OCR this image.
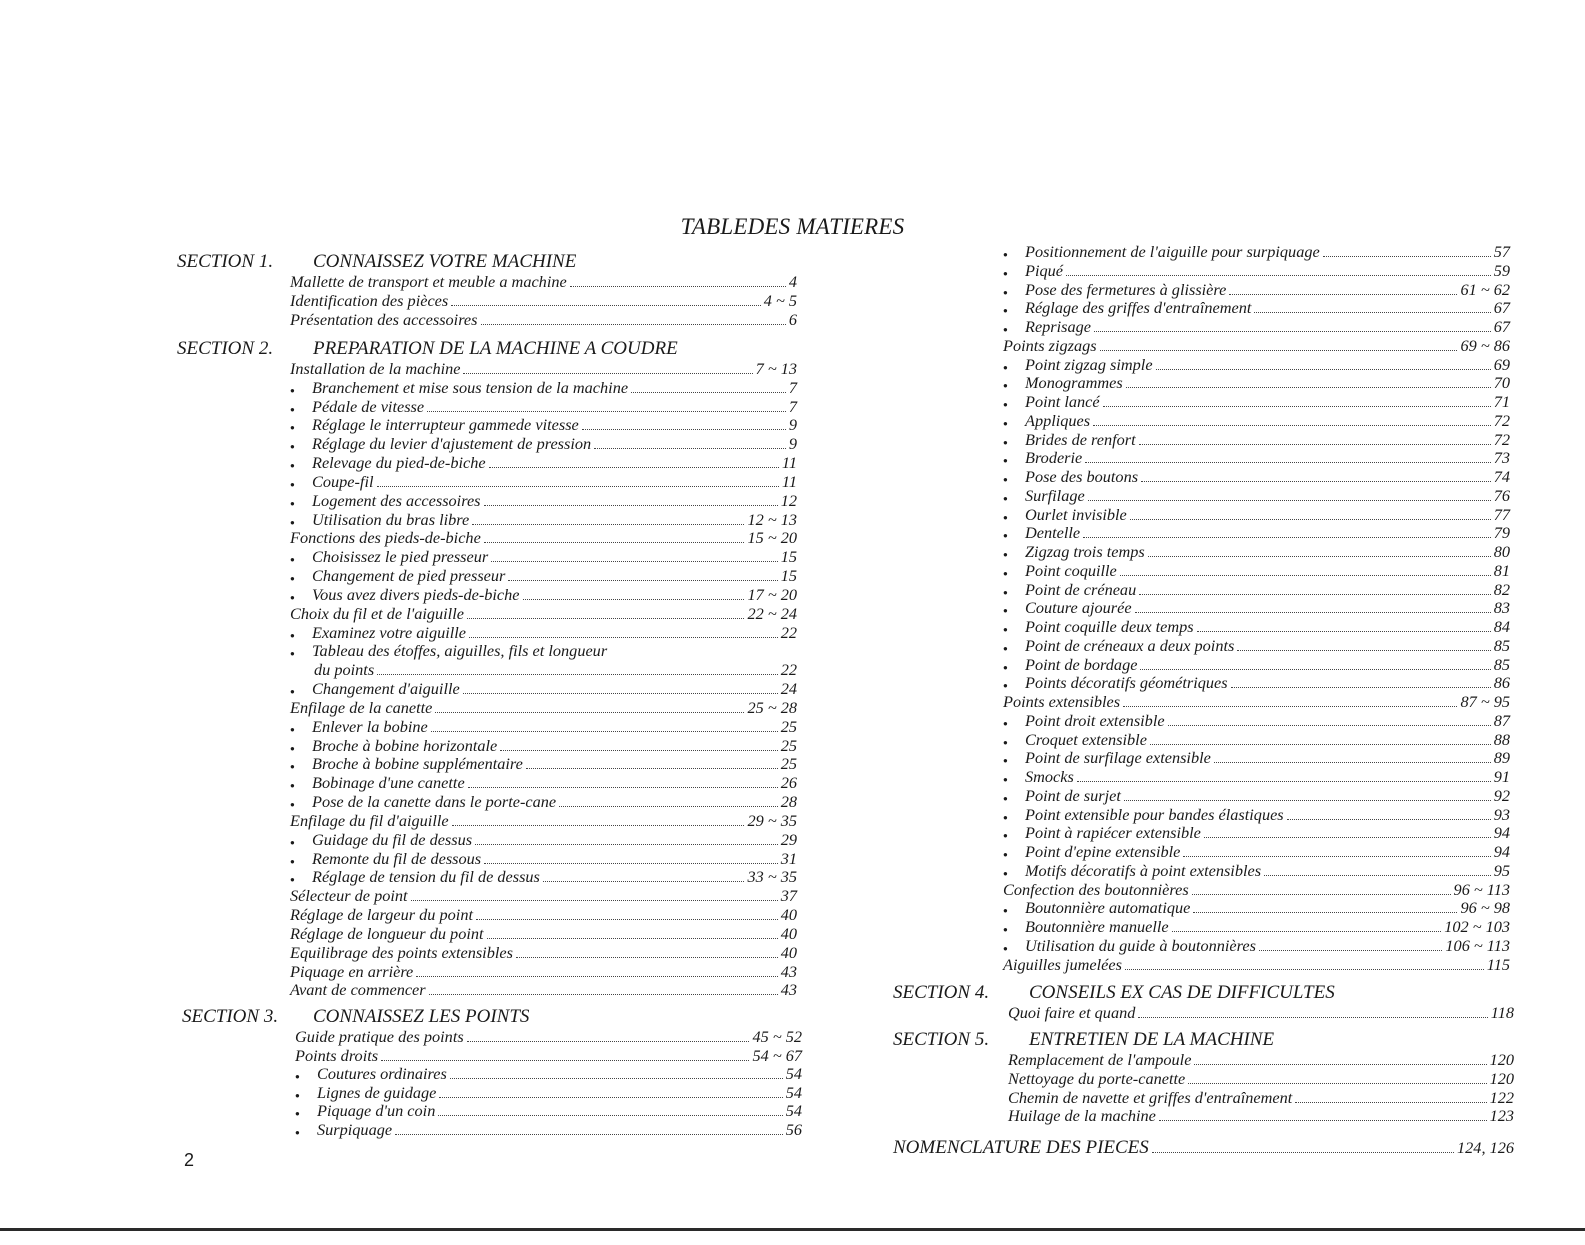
TABLEDES MATIERES
SECTION 1. CONNAISSEZ VOTRE MACHINE
Mallette de transport et meuble a machine	4
Identification des pièces	4 ~ 5
Présentation des accessoires	6
SECTION 2. PREPARATION DE LA MACHINE A COUDRE
Installation de la machine	7 ~ 13
●	Branchement et mise sous tension de la machine	7
●	Pédale de vitesse	7
●	Réglage le interrupteur gammede vitesse	9
●	Réglage du levier d'ajustement de pression	9
●	Relevage du pied-de-biche	11
●	Coupe-fil	11
●	Logement des accessoires	12
●	Utilisation du bras libre	12 ~ 13
Fonctions des pieds-de-biche	15 ~ 20
●	Choisissez le pied presseur	15
●	Changement de pied presseur	15
●	Vous avez divers pieds-de-biche	17 ~ 20
Choix du fil et de l'aiguille	22 ~ 24
●	Examinez votre aiguille	22
●	Tableau des étoffes, aiguilles, fils et longueur
du points	22
●	Changement d'aiguille	24
Enfilage de la canette	25 ~ 28
●	Enlever la bobine	25
●	Broche à bobine horizontale	25
●	Broche à bobine supplémentaire	25
●	Bobinage d'une canette	26
●	Pose de la canette dans le porte-cane	28
Enfilage du fil d'aiguille	29 ~ 35
●	Guidage du fil de dessus	29
●	Remonte du fil de dessous	31
●	Réglage de tension du fil de dessus	33 ~ 35
Sélecteur de point	37
Réglage de largeur du point	40
Réglage de longueur du point	40
Equilibrage des points extensibles	40
Piquage en arrière	43
Avant de commencer	43
SECTION 3. CONNAISSEZ LES POINTS
Guide pratique des points	45 ~ 52
Points droits	54 ~ 67
●	Coutures ordinaires	54
●	Lignes de guidage	54
●	Piquage d'un coin	54
●	Surpiquage	56
●	Positionnement de l'aiguille pour surpiquage	57
●	Piqué	59
●	Pose des fermetures à glissière	61 ~ 62
●	Réglage des griffes d'entraînement	67
●	Reprisage	67
Points zigzags	69 ~ 86
●	Point zigzag simple	69
●	Monogrammes	70
●	Point lancé	71
●	Appliques	72
●	Brides de renfort	72
●	Broderie	73
●	Pose des boutons	74
●	Surfilage	76
●	Ourlet invisible	77
●	Dentelle	79
●	Zigzag trois temps	80
●	Point coquille	81
●	Point de créneau	82
●	Couture ajourée	83
●	Point coquille deux temps	84
●	Point de créneaux a deux points	85
●	Point de bordage	85
●	Points décoratifs géométriques	86
Points extensibles	87 ~ 95
●	Point droit extensible	87
●	Croquet extensible	88
●	Point de surfilage extensible	89
●	Smocks	91
●	Point de surjet	92
●	Point extensible pour bandes élastiques	93
●	Point à rapiécer extensible	94
●	Point d'epine extensible	94
●	Motifs décoratifs à point extensibles	95
Confection des boutonnières	96 ~ 113
●	Boutonnière automatique	96 ~ 98
●	Boutonnière manuelle	102 ~ 103
●	Utilisation du guide à boutonnières	106 ~ 113
Aiguilles jumelées	115
SECTION 4. CONSEILS EX CAS DE DIFFICULTES
Quoi faire et quand	118
SECTION 5. ENTRETIEN DE LA MACHINE
Remplacement de l'ampoule	120
Nettoyage du porte-canette	120
Chemin de navette et griffes d'entraînement	122
Huilage de la machine	123
NOMENCLATURE DES PIECES	124, 126
2
